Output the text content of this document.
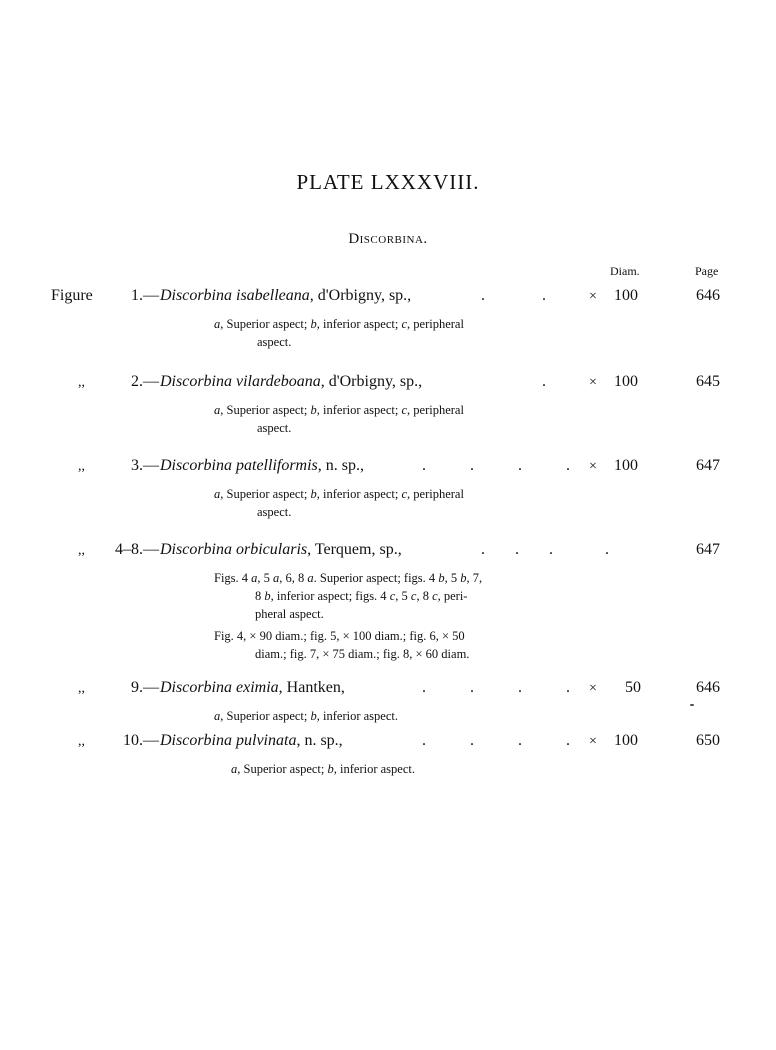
PLATE LXXXVIII.
Discorbina.
Diam.	Page
Figure 1.— Discorbina isabelleana, d'Orbigny, sp.,	.	.	× 100	646
a, Superior aspect; b, inferior aspect; c, peripheral
aspect.
,,	2.— Discorbina vilardeboana, d'Orbigny, sp.,	.	× 100	645
a, Superior aspect; b, inferior aspect; c, peripheral
aspect.
,,	3.— Discorbina patelliformis, n. sp.,	. . . . × 100	647
a, Superior aspect; b, inferior aspect; c, peripheral
aspect.
,, 4–8.— Discorbina orbicularis, Terquem, sp.,	. . .	.	647
Figs. 4 a, 5 a, 6, 8 a. Superior aspect; figs. 4 b, 5 b, 7,
8 b, inferior aspect; figs. 4 c, 5 c, 8 c, peri-
pheral aspect.
Fig. 4, × 90 diam.; fig. 5, × 100 diam.; fig. 6, × 50
diam.; fig. 7, × 75 diam.; fig. 8, × 60 diam.
,,	9.— Discorbina eximia, Hantken,	. . . . × 50	646
a, Superior aspect; b, inferior aspect.
,, 10.— Discorbina pulvinata, n. sp.,	. . . . × 100	650
a, Superior aspect; b, inferior aspect.
